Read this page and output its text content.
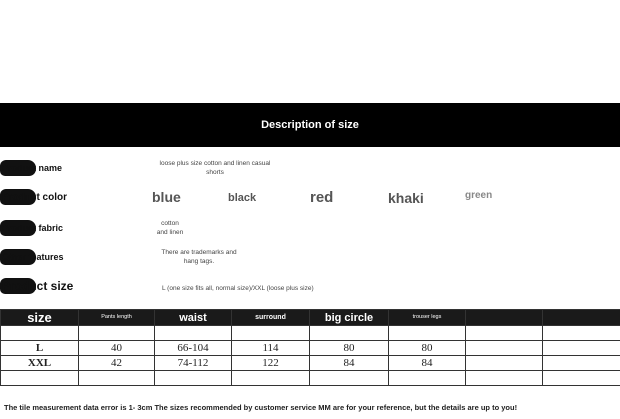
Description of size
Product name	loose plus size cotton and linen casual
shorts
Product color	blue	black	red	khaki	green
Product fabric	cotton
and linen
Other features	There are trademarks and
hang tags.
Product size	L (one size fits all, normal size)/XXL (loose plus size)
size	Pants length	waist	surround	big circle	trouser legs		

L	40	66-104	114	80	80		
XXL	42	74-112	122	84	84		

The tile measurement data error is 1- 3cm The sizes recommended by customer service MM are for your reference, but the details are up to you!
